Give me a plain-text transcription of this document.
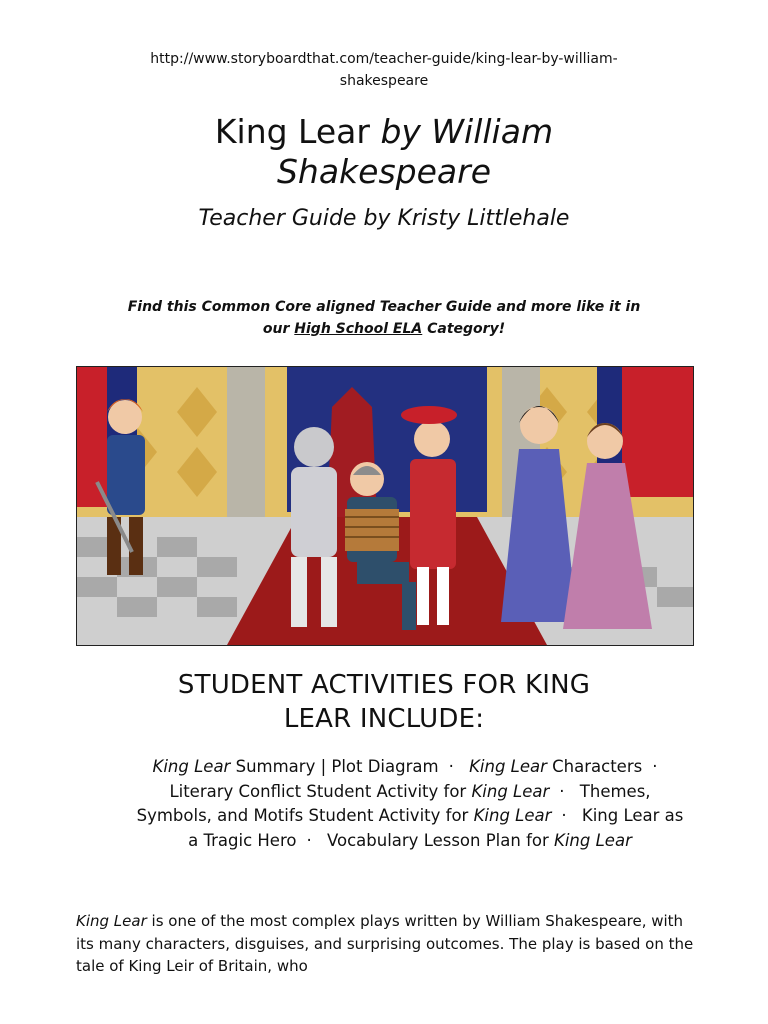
http://www.storyboardthat.com/teacher-guide/king-lear-by-william-
shakespeare
King Lear by William
Shakespeare
Teacher Guide by Kristy Littlehale
Find this Common Core aligned Teacher Guide and more like it in
our High School ELA Category!
STUDENT ACTIVITIES FOR KING
LEAR INCLUDE:
King Lear Summary | Plot Diagram · King Lear Characters · Literary Conflict Student Activity for King Lear · Themes, Symbols, and Motifs Student Activity for King Lear · King Lear as a Tragic Hero · Vocabulary Lesson Plan for King Lear
King Lear is one of the most complex plays written by William Shakespeare, with its many characters, disguises, and surprising outcomes. The play is based on the tale of King Leir of Britain, who
